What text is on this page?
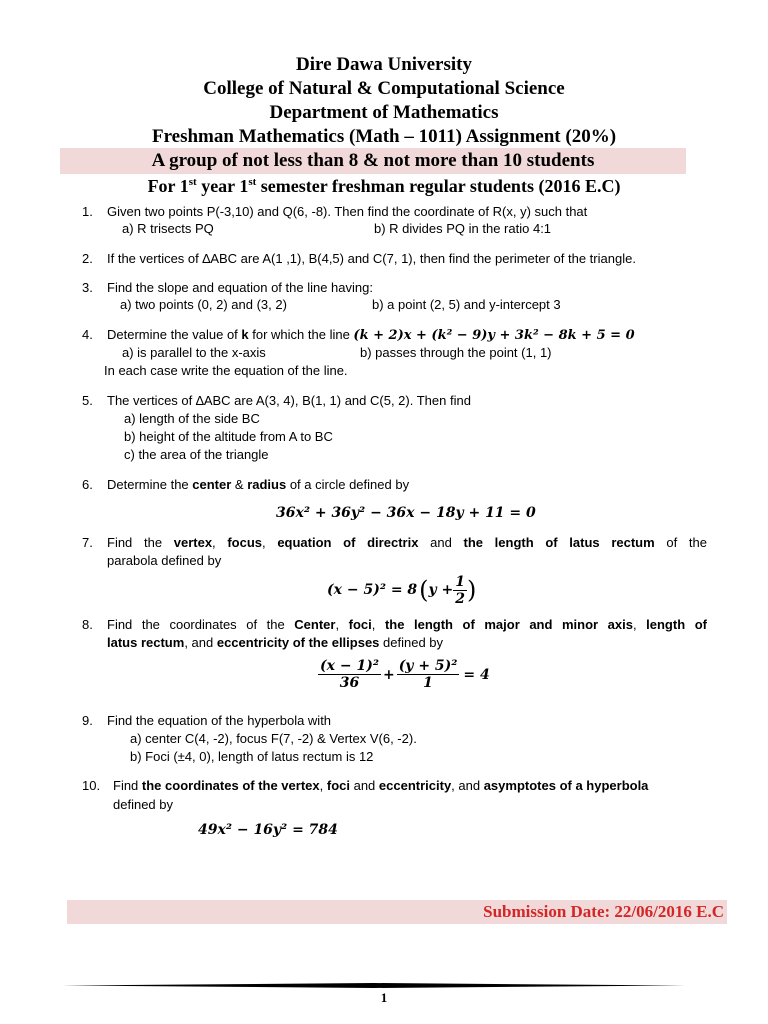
Dire Dawa University
College of Natural & Computational Science
Department of Mathematics
Freshman Mathematics (Math – 1011) Assignment (20%)
A group of not less than 8 & not more than 10 students
For 1st year 1st semester freshman regular students (2016 E.C)
1. Given two points P(-3,10) and Q(6, -8). Then find the coordinate of R(x, y) such that
a) R trisects PQ	b) R divides PQ in the ratio 4:1
2. If the vertices of ∆ABC are A(1 ,1), B(4,5) and C(7, 1), then find the perimeter of the triangle.
3. Find the slope and equation of the line having:
a) two points (0, 2) and (3, 2)	b) a point (2, 5) and y-intercept 3
4. Determine the value of k for which the line (k + 2)x + (k² − 9)y + 3k² − 8k + 5 = 0
a) is parallel to the x-axis	b) passes through the point (1, 1)
In each case write the equation of the line.
5. The vertices of ∆ABC are A(3, 4), B(1, 1) and C(5, 2). Then find
a) length of the side BC
b) height of the altitude from A to BC
c) the area of the triangle
6. Determine the center & radius of a circle defined by
36x² + 36y² − 36x − 18y + 11 = 0
7. Find the vertex, focus, equation of directrix and the length of latus rectum of the
parabola defined by
(x − 5)² = 8 ( $y + \frac{1}{2}$ )
8. Find the coordinates of the Center, foci, the length of major and minor axis, length of
latus rectum, and eccentricity of the ellipses defined by
$\frac{\text{(x − 1)²}}{36} + \frac{\text{(y + 5)²}}{1} = 4$
9. Find the equation of the hyperbola with
a) center C(4, -2), focus F(7, -2) & Vertex V(6, -2).
b) Foci (±4, 0), length of latus rectum is 12
10. Find the coordinates of the vertex, foci and eccentricity, and asymptotes of a hyperbola
defined by
49x² − 16y² = 784
Submission Date: 22/06/2016 E.C
1
